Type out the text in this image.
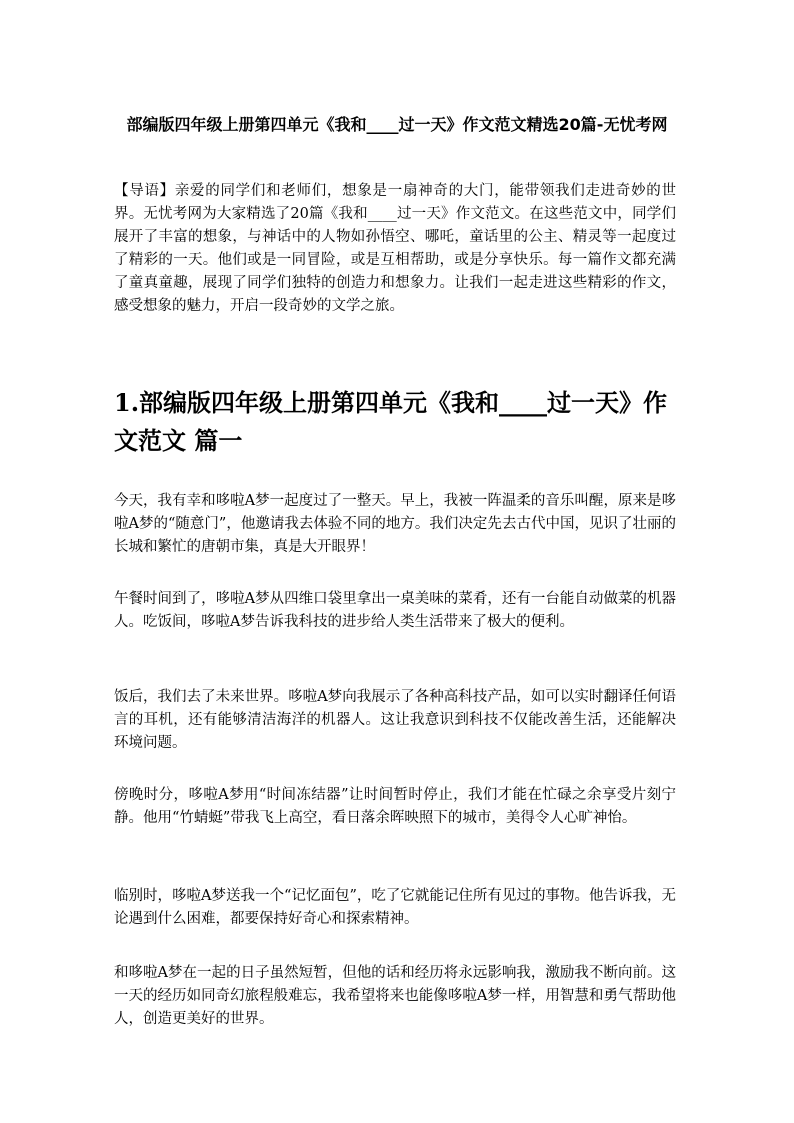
部编版四年级上册第四单元《我和____过一天》作文范文精选20篇-无忧考网

【导语】亲爱的同学们和老师们，想象是一扇神奇的大门，能带领我们走进奇妙的世界。无忧考网为大家精选了20篇《我和____过一天》作文范文。在这些范文中，同学们展开了丰富的想象，与神话中的人物如孙悟空、哪吒，童话里的公主、精灵等一起度过了精彩的一天。他们或是一同冒险，或是互相帮助，或是分享快乐。每一篇作文都充满了童真童趣，展现了同学们独特的创造力和想象力。让我们一起走进这些精彩的作文，感受想象的魅力，开启一段奇妙的文学之旅。

1.部编版四年级上册第四单元《我和____过一天》作文范文 篇一

今天，我有幸和哆啦A梦一起度过了一整天。早上，我被一阵温柔的音乐叫醒，原来是哆啦A梦的“随意门”，他邀请我去体验不同的地方。我们决定先去古代中国，见识了壮丽的长城和繁忙的唐朝市集，真是大开眼界！

午餐时间到了，哆啦A梦从四维口袋里拿出一桌美味的菜肴，还有一台能自动做菜的机器人。吃饭间，哆啦A梦告诉我科技的进步给人类生活带来了极大的便利。

饭后，我们去了未来世界。哆啦A梦向我展示了各种高科技产品，如可以实时翻译任何语言的耳机，还有能够清洁海洋的机器人。这让我意识到科技不仅能改善生活，还能解决环境问题。

傍晚时分，哆啦A梦用“时间冻结器”让时间暂时停止，我们才能在忙碌之余享受片刻宁静。他用“竹蜻蜓”带我飞上高空，看日落余晖映照下的城市，美得令人心旷神怡。

临别时，哆啦A梦送我一个“记忆面包”，吃了它就能记住所有见过的事物。他告诉我，无论遇到什么困难，都要保持好奇心和探索精神。

和哆啦A梦在一起的日子虽然短暂，但他的话和经历将永远影响我，激励我不断向前。这一天的经历如同奇幻旅程般难忘，我希望将来也能像哆啦A梦一样，用智慧和勇气帮助他人，创造更美好的世界。
